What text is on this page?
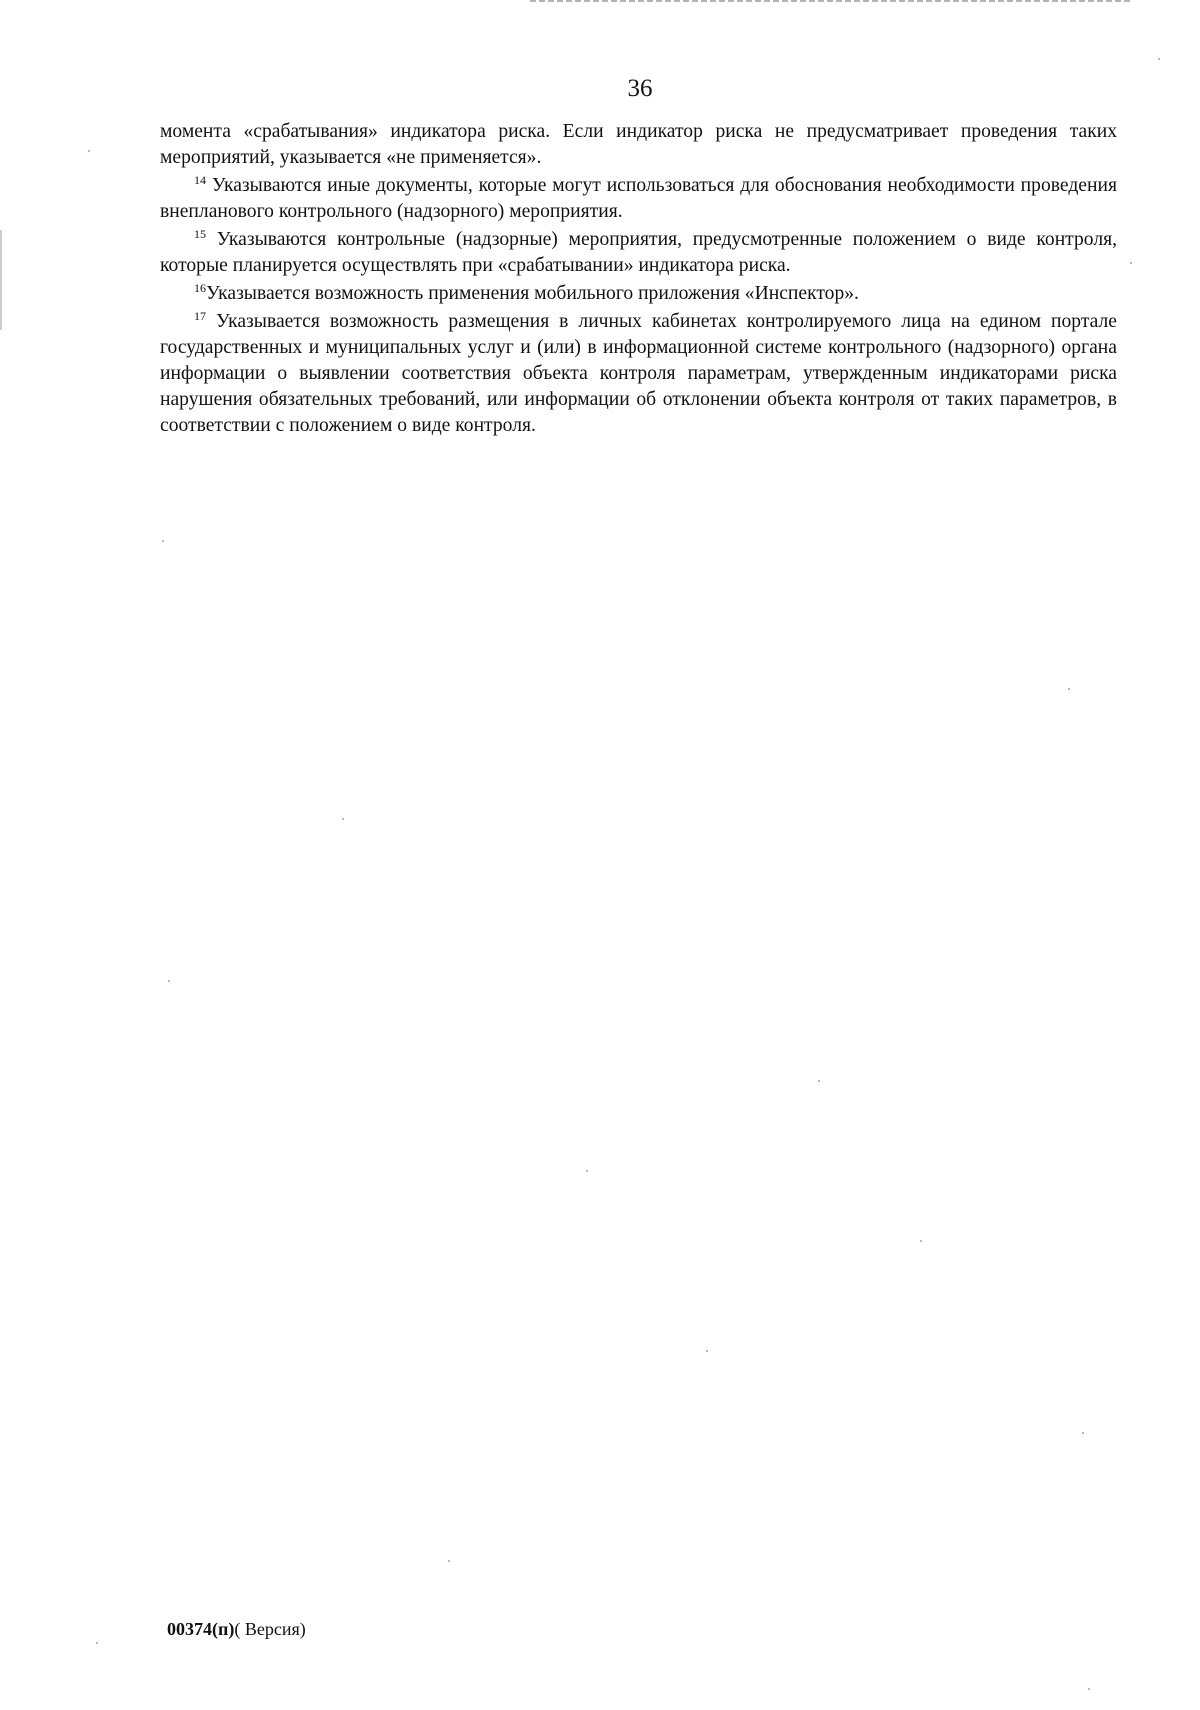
36

момента «срабатывания» индикатора риска. Если индикатор риска не предусматривает проведения таких мероприятий, указывается «не применяется».

$^{14}$ Указываются иные документы, которые могут использоваться для обоснования необходимости проведения внепланового контрольного (надзорного) мероприятия.

$^{15}$ Указываются контрольные (надзорные) мероприятия, предусмотренные положением о виде контроля, которые планируется осуществлять при «срабатывании» индикатора риска.

$^{16}$Указывается возможность применения мобильного приложения «Инспектор».

$^{17}$ Указывается возможность размещения в личных кабинетах контролируемого лица на едином портале государственных и муниципальных услуг и (или) в информационной системе контрольного (надзорного) органа информации о выявлении соответствия объекта контроля параметрам, утвержденным индикаторами риска нарушения обязательных требований, или информации об отклонении объекта контроля от таких параметров, в соответствии с положением о виде контроля.

00374(п)( Версия)
